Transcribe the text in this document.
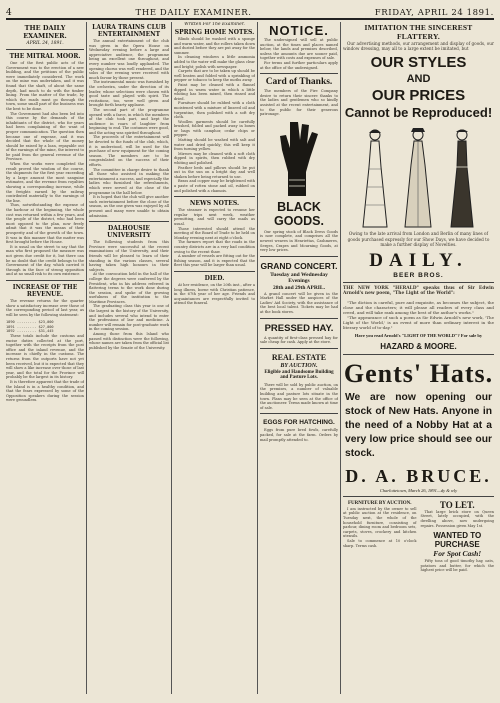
4	THE DAILY EXAMINER.	FRIDAY, APRIL 24 1891.
THE DAILY EXAMINER.
APRIL 24, 1891.
THE MITRAL MOOR.

One of the first public acts of the Government was to the erection of a new building, and the petitions of the public were immediately considered. The work on the mine was undertaken, and it was found that the shaft, of about the same depth, had much to do with the timber lining. From the matter of the trade, by which the roads must go through the town, some small part of the business was the best to be done.

The Government had also been led into this course by the demands of the inhabitants of the district, who for years had been complaining of the want of proper communication. The question then became one of expense, and it was decided that the whole of the money should be raised by a loan, repayable out of the earnings of the mine, the interest to be paid from the general revenue of the Province.

When the works were completed the result proved the wisdom of the course, the shipments for the first year exceeding by a large amount the most sanguine estimates, and the revenue from royalties showing a corresponding increase, while the freights earned by the railway contributed materially to the earnings of the line.

Thus, notwithstanding the expense of the harbour at the beginning, the whole cost was returned within a few years, and the people of the district, who had been most opposed to the plan, now freely admit that it was the means of their prosperity and of the growth of the town. It was in this manner that the matter was first brought before the House.

It is usual on the street to say that the man who first proposed the measure was not given due credit for it, but there can be no doubt that the credit belongs to the Government of the day, which carried it through in the face of strong opposition and at no small risk to its own existence.

INCREASE OF THE REVENUE.

The revenue returns for the quarter show a satisfactory increase over those of the corresponding period of last year, as will be seen by the following statement:

1890 ......... $23,000
1891 ......... $27,000
1892 ......... $31,445

These totals include the customs and excise duties collected at the port, together with the receipts from the post office and the inland revenue, and the increase is chiefly in the customs. The returns from the outports have not yet been received, but it is expected that they will show a like increase over those of last year, and the total for the Province will probably be the largest in its history.

It is therefore apparent that the trade of the Island is in a healthy condition, and that the fears expressed by some of the Opposition speakers during the session were groundless.

LAURA TRAINS CLUB ENTERTAINMENT

The annual entertainment of the club was given in the Opera House on Wednesday evening before a large and appreciative audience, the programme being an excellent one throughout, and every number was loudly applauded. The opening chorus was well rendered, and the solos of the evening were received with much favour by those present.

The instrumental music was furnished by the orchestra, under the direction of its leader, whose selections were chosen with good taste and played with spirit. The recitations, too, were well given and brought forth hearty applause.

The second part of the programme opened with a farce, in which the members of the club took part, and kept the audience in roars of laughter from beginning to end. The costumes were good, and the acting was spirited throughout.

The proceeds of the entertainment will be devoted to the funds of the club, which, it is understood, will be used for the purchase of new equipment for the coming season. The members are to be congratulated on the success of their efforts.

The committee in charge desire to thank all those who assisted in making the entertainment a success, and especially the ladies who furnished the refreshments, which were served at the close of the programme in the hall below.

It is hoped that the club will give another such entertainment before the close of the season, as the one given was enjoyed by all present and many were unable to obtain admission.

DALHOUSIE UNIVERSITY

The following students from this Province were successful at the recent examinations of the University, and their friends will be pleased to learn of their standing in the various classes, several having taken high honours in their subjects.

At the convocation held in the hall of the college the degrees were conferred by the President, who in his address referred in flattering terms to the work done during the session, and spoke of the growing usefulness of the institution to the Maritime Provinces.

The graduating class this year is one of the largest in the history of the University, and includes several who intend to enter the professions of law and medicine. A number will remain for post-graduate work in the coming session.

Among those from this Island who passed with distinction were the following, whose names are taken from the official list published by the Senate of the University.

Written For The Examiner.
SPRING HOME NOTES.

Blinds should be washed with a sponge and warm water, and the rollers taken down and dusted before they are put away for the summer.

In cleaning windows a little ammonia added to the water will make the glass clear and bright; polish with newspaper.

Carpets that are to be taken up should be well beaten and folded with a sprinkling of pepper or tobacco to keep the moths away.

Paint may be cleaned with a flannel dipped in warm water in which a little whiting has been mixed, then rinsed and dried.

Furniture should be rubbed with a cloth moistened with a mixture of linseed oil and turpentine, then polished with a soft dry cloth.

Woollen garments should be carefully brushed, folded and packed away in boxes or bags with camphor, cedar chips or pepper.

Matting should be washed with salt and water and dried quickly; this will keep it from turning yellow.

Mirrors may be cleaned with a soft cloth dipped in spirits, then rubbed with dry whiting and polished.

Feather beds and pillows should be put out in the sun on a bright day and well shaken before being returned to use.

Brass and copper may be brightened with a paste of rotten stone and oil, rubbed on and polished with a chamois.

NEWS NOTES.

The steamer is expected to resume her regular trips next week, weather permitting, and will carry the mails as usual.

Those interested should attend the meeting of the Board of Trade to be held on Monday evening next at eight o'clock.

The farmers report that the roads in the country districts are in a very bad condition owing to the recent thaw.

A number of vessels are fitting out for the fishing season, and it is expected that the fleet this year will be larger than usual.

DIED.

At her residence, on the 20th inst., after a long illness, borne with Christian patience, in the 67th year of her age. Friends and acquaintances are respectfully invited to attend the funeral.

NOTICE.

The undersigned will sell at public auction, at the times and places named below, the lands and premises described, unless the amounts due are sooner paid, together with costs and expenses of sale.

For terms and further particulars apply at the office of the undersigned.

Card of Thanks.

The members of the Fire Company desire to return their sincere thanks to the ladies and gentlemen who so kindly assisted at the recent entertainment, and to the public for their generous patronage.

BLACK GOODS.

Our spring stock of Black Dress Goods is now complete, and comprises all the newest weaves in Henriettas, Cashmeres, Serges, Crapes and Mourning Goods, at very low prices.

GRAND CONCERT.
Tuesday and Wednesday Evenings
28th and 29th APRIL.

A grand concert will be given in the Market Hall under the auspices of the Ladies' Aid Society, with the assistance of the best local talent. Tickets may be had at the book stores.

PRESSED HAY.

A quantity of first-class pressed hay for sale cheap for cash. Apply at the store.

REAL ESTATE
BY AUCTION.
Eligible and Handsome Building and Pasture Lots.

There will be sold by public auction, on the premises, a number of valuable building and pasture lots situate in the town. Plans may be seen at the office of the auctioneer. Terms made known at time of sale.

EGGS FOR HATCHING.

Eggs from pure bred fowls, carefully packed, for sale at the farm. Orders by mail promptly attended to.

IMITATION THE SINCEREST FLATTERY.

Our advertising methods, our arrangement and display of goods, our window dressing, may all to a large extent be imitated, but

OUR STYLES
AND
OUR PRICES
Cannot be Reproduced!
Owing to the late arrival from London and Berlin of many lines of goods purchased expressly for our Show Days, we have decided to make a further display of Novelties.
DAILY.
BEER BROS.
THE NEW YORK "HERALD" speaks thus of Sir Edwin Arnold's new poem, "The Light of the World":

"The diction is careful, pure and exquisite, as becomes the subject, the close and the characters; it will please all readers of every class and creed, and will take rank among the best of the author's works."

"The appearance of such a poem as Sir Edwin Arnold's new work, 'The Light of the World,' is an event of more than ordinary interest in the literary world of to-day."

Have you read Arnold's "LIGHT OF THE WORLD"? For sale by
HAZARD & MOORE.
Gents' Hats.
We are now opening our stock of New Hats. Anyone in the need of a Nobby Hat at a very low price should see our stock.
D. A. BRUCE.
Charlottetown, March 26, 1891—dy & wly
FURNITURE BY AUCTION.

I am instructed by the owner to sell at public auction at the residence, on Tuesday next, the whole of the household furniture, consisting of parlour, dining room and bedroom sets, carpets, stoves, crockery and kitchen utensils.

Sale to commence at 10 o'clock sharp. Terms cash.

TO LET.

That large brick store on Queen Street, lately occupied, with the dwelling above, now undergoing repairs. Possession given May 1st.

WANTED TO PURCHASE
For Spot Cash!

Fifty tons of good timothy hay, oats, potatoes and butter, for which the highest price will be paid.
